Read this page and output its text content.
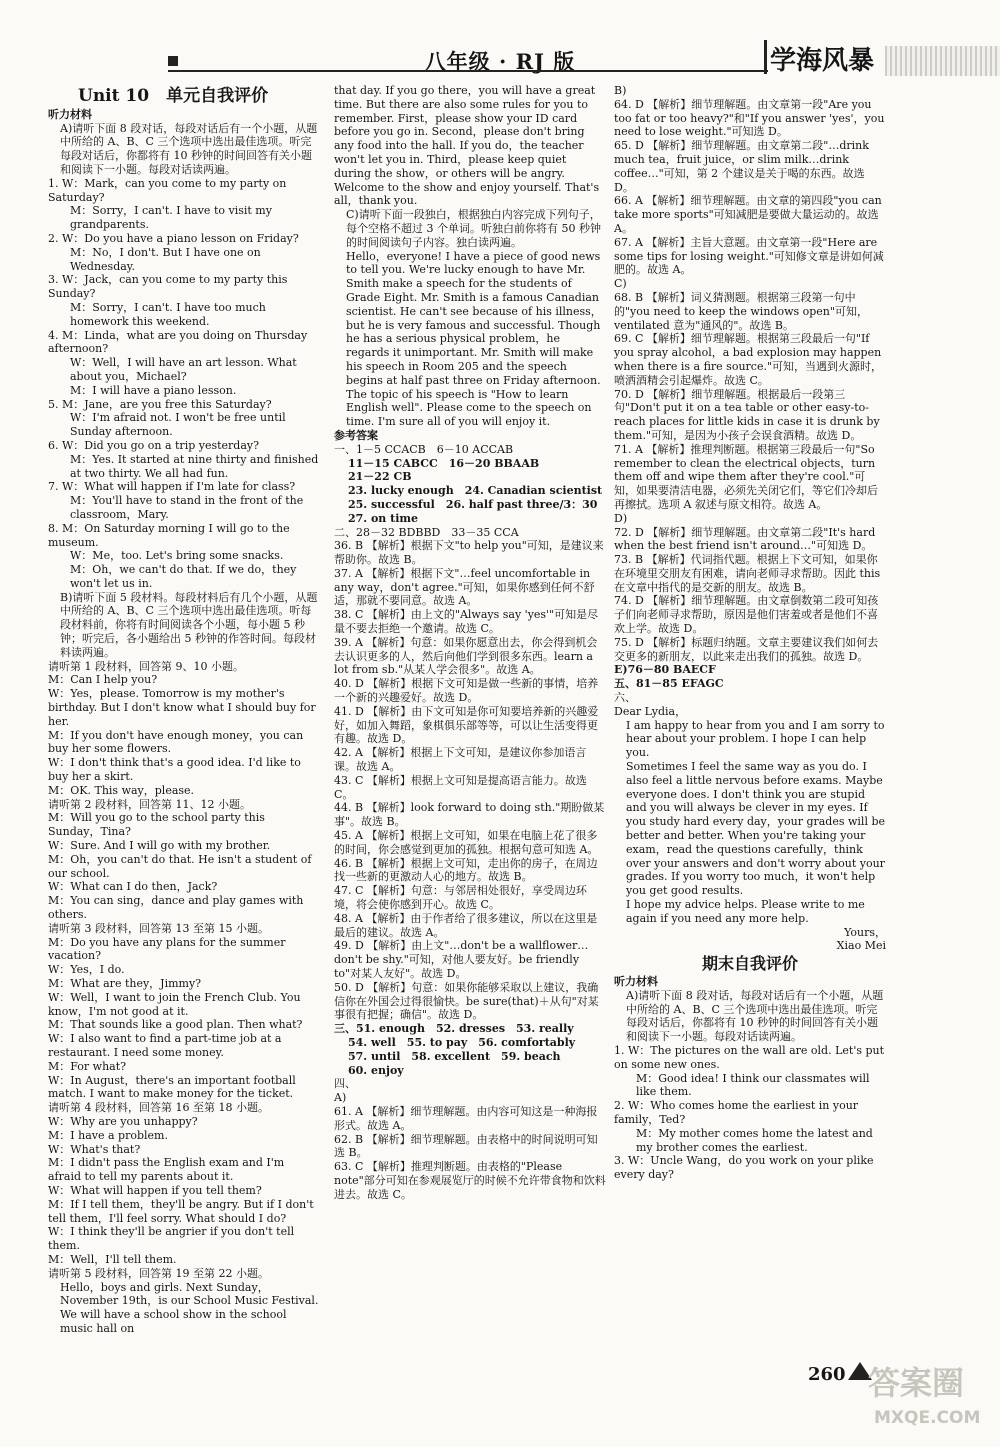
八年级 · RJ 版	学海风暴

Unit 10　单元自我评价

听力材料

A)请听下面 8 段对话，每段对话后有一个小题，从题中所给的 A、B、C 三个选项中选出最佳选项。听完每段对话后，你都将有 10 秒钟的时间回答有关小题和阅读下一小题。每段对话读两遍。

1. W：Mark，can you come to my party on Saturday?

M：Sorry，I can't. I have to visit my grandparents.

2. W：Do you have a piano lesson on Friday?

M：No，I don't. But I have one on Wednesday.

3. W：Jack，can you come to my party this Sunday?

M：Sorry，I can't. I have too much homework this weekend.

4. M：Linda，what are you doing on Thursday afternoon?

W：Well，I will have an art lesson. What about you，Michael?

M：I will have a piano lesson.

5. M：Jane，are you free this Saturday?

W：I'm afraid not. I won't be free until Sunday afternoon.

6. W：Did you go on a trip yesterday?

M：Yes. It started at nine thirty and finished at two thirty. We all had fun.

7. W：What will happen if I'm late for class?

M：You'll have to stand in the front of the classroom，Mary.

8. M：On Saturday morning I will go to the museum.

W：Me，too. Let's bring some snacks.

M：Oh，we can't do that. If we do，they won't let us in.

B)请听下面 5 段材料。每段材料后有几个小题，从题中所给的 A、B、C 三个选项中选出最佳选项。听每段材料前，你将有时间阅读各个小题，每小题 5 秒钟；听完后，各小题给出 5 秒钟的作答时间。每段材料读两遍。

请听第 1 段材料，回答第 9、10 小题。

M：Can I help you?

W：Yes，please. Tomorrow is my mother's birthday. But I don't know what I should buy for her.

M：If you don't have enough money，you can buy her some flowers.

W：I don't think that's a good idea. I'd like to buy her a skirt.

M：OK. This way，please.

请听第 2 段材料，回答第 11、12 小题。

M：Will you go to the school party this Sunday，Tina?

W：Sure. And I will go with my brother.

M：Oh，you can't do that. He isn't a student of our school.

W：What can I do then，Jack?

M：You can sing，dance and play games with others.

请听第 3 段材料，回答第 13 至第 15 小题。

M：Do you have any plans for the summer vacation?

W：Yes，I do.

M：What are they，Jimmy?

W：Well，I want to join the French Club. You know，I'm not good at it.

M：That sounds like a good plan. Then what?

W：I also want to find a part-time job at a restaurant. I need some money.

M：For what?

W：In August，there's an important football match. I want to make money for the ticket.

请听第 4 段材料，回答第 16 至第 18 小题。

W：Why are you unhappy?

M：I have a problem.

W：What's that?

M：I didn't pass the English exam and I'm afraid to tell my parents about it.

W：What will happen if you tell them?

M：If I tell them，they'll be angry. But if I don't tell them，I'll feel sorry. What should I do?

W：I think they'll be angrier if you don't tell them.

M：Well，I'll tell them.

请听第 5 段材料，回答第 19 至第 22 小题。

Hello，boys and girls. Next Sunday，November 19th，is our School Music Festival. We will have a school show in the school music hall on

that day. If you go there，you will have a great time. But there are also some rules for you to remember. First，please show your ID card before you go in. Second，please don't bring any food into the hall. If you do，the teacher won't let you in. Third，please keep quiet during the show，or others will be angry. Welcome to the show and enjoy yourself. That's all，thank you.

C)请听下面一段独白，根据独白内容完成下列句子，每个空格不超过 3 个单词。听独白前你将有 50 秒钟的时间阅读句子内容。独白读两遍。

Hello，everyone! I have a piece of good news to tell you. We're lucky enough to have Mr. Smith make a speech for the students of Grade Eight. Mr. Smith is a famous Canadian scientist. He can't see because of his illness，but he is very famous and successful. Though he has a serious physical problem，he regards it unimportant. Mr. Smith will make his speech in Room 205 and the speech begins at half past three on Friday afternoon. The topic of his speech is "How to learn English well". Please come to the speech on time. I'm sure all of you will enjoy it.

参考答案

一、1－5 CCACB　6－10 ACCAB

11－15 CABCC　16－20 BBAAB

21－22 CB

23. lucky enough　24. Canadian scientist

25. successful　26. half past three/3：30

27. on time

二、28－32 BDBBD　33－35 CCA

36. B 【解析】根据下文"to help you"可知，是建议来帮助你。故选 B。

37. A 【解析】根据下文"…feel uncomfortable in any way，don't agree."可知，如果你感到任何不舒适，那就不要同意。故选 A。

38. C 【解析】由上文的"Always say 'yes'"可知是尽量不要去拒绝一个邀请。故选 C。

39. A 【解析】句意：如果你愿意出去，你会得到机会去认识更多的人，然后向他们学到很多东西。learn a lot from sb."从某人学会很多"。故选 A。

40. D 【解析】根据下文可知是做一些新的事情，培养一个新的兴趣爱好。故选 D。

41. D 【解析】由下文可知是你可知要培养新的兴趣爱好，如加入舞蹈，象棋俱乐部等等，可以让生活变得更有趣。故选 D。

42. A 【解析】根据上下文可知，是建议你参加语言课。故选 A。

43. C 【解析】根据上文可知是提高语言能力。故选 C。

44. B 【解析】look forward to doing sth."期盼做某事"。故选 B。

45. A 【解析】根据上文可知，如果在电脑上花了很多的时间，你会感觉到更加的孤独。根据句意可知选 A。

46. B 【解析】根据上文可知，走出你的房子，在周边找一些新的更激动人心的地方。故选 B。

47. C 【解析】句意：与邻居相处很好，享受周边环境，将会使你感到开心。故选 C。

48. A 【解析】由于作者给了很多建议，所以在这里是最后的建议。故选 A。

49. D 【解析】由上文"…don't be a wallflower… don't be shy."可知，对他人要友好。be friendly to"对某人友好"。故选 D。

50. D 【解析】句意：如果你能够采取以上建议，我确信你在外国会过得很愉快。be sure(that)＋从句"对某事很有把握；确信"。故选 D。

三、51. enough　52. dresses　53. really

54. well　55. to pay　56. comfortably

57. until　58. excellent　59. beach

60. enjoy

四、

A)

61. A 【解析】细节理解题。由内容可知这是一种海报形式。故选 A。

62. B 【解析】细节理解题。由表格中的时间说明可知选 B。

63. C 【解析】推理判断题。由表格的"Please note"部分可知在参观展览厅的时候不允许带食物和饮料进去。故选 C。

B)

64. D 【解析】细节理解题。由文章第一段"Are you too fat or too heavy?"和"If you answer 'yes'，you need to lose weight."可知选 D。

65. D 【解析】细节理解题。由文章第二段"…drink much tea，fruit juice，or slim milk…drink coffee…"可知，第 2 个建议是关于喝的东西。故选 D。

66. A 【解析】细节理解题。由文章的第四段"you can take more sports"可知减肥是要做大量运动的。故选 A。

67. A 【解析】主旨大意题。由文章第一段"Here are some tips for losing weight."可知修文章是讲如何减肥的。故选 A。

C)

68. B 【解析】词义猜测题。根据第三段第一句中的"you need to keep the windows open"可知，ventilated 意为"通风的"。故选 B。

69. C 【解析】细节理解题。根据第三段最后一句"If you spray alcohol，a bad explosion may happen when there is a fire source."可知，当遇到火源时，喷洒酒精会引起爆炸。故选 C。

70. D 【解析】细节理解题。根据最后一段第三句"Don't put it on a tea table or other easy-to-reach places for little kids in case it is drunk by them."可知，是因为小孩子会误食酒精。故选 D。

71. A 【解析】推理判断题。根据第三段最后一句"So remember to clean the electrical objects，turn them off and wipe them after they're cool."可知，如果要清洁电器，必须先关闭它们，等它们冷却后再擦拭。选项 A 叙述与原文相符。故选 A。

D)

72. D 【解析】细节理解题。由文章第二段"It's hard when the best friend isn't around…"可知选 D。

73. B 【解析】代词指代题。根据上下文可知，如果你在环境里交朋友有困难，请向老师寻求帮助。因此 this 在文章中指代的是交新的朋友。故选 B。

74. D 【解析】细节理解题。由文章倒数第二段可知孩子们向老师寻求帮助，原因是他们害羞或者是他们不喜欢上学。故选 D。

75. D 【解析】标题归纳题。文章主要建议我们如何去交更多的新朋友，以此来走出我们的孤独。故选 D。

E)76－80 BAECF

五、81－85 EFAGC

六、

Dear Lydia，

I am happy to hear from you and I am sorry to hear about your problem. I hope I can help you.

Sometimes I feel the same way as you do. I also feel a little nervous before exams. Maybe everyone does. I don't think you are stupid and you will always be clever in my eyes. If you study hard every day，your grades will be better and better. When you're taking your exam，read the questions carefully，think over your answers and don't worry about your grades. If you worry too much，it won't help you get good results.

I hope my advice helps. Please write to me again if you need any more help.

Yours，

Xiao Mei

期末自我评价

听力材料

A)请听下面 8 段对话，每段对话后有一个小题，从题中所给的 A、B、C 三个选项中选出最佳选项。听完每段对话后，你都将有 10 秒钟的时间回答有关小题和阅读下一小题。每段对话读两遍。

1. W：The pictures on the wall are old. Let's put on some new ones.

M：Good idea! I think our classmates will like them.

2. W：Who comes home the earliest in your family，Ted?

M：My mother comes home the latest and my brother comes the earliest.

3. W：Uncle Wang，do you work on your plike every day?

260 答案圈
MXQE.COM
